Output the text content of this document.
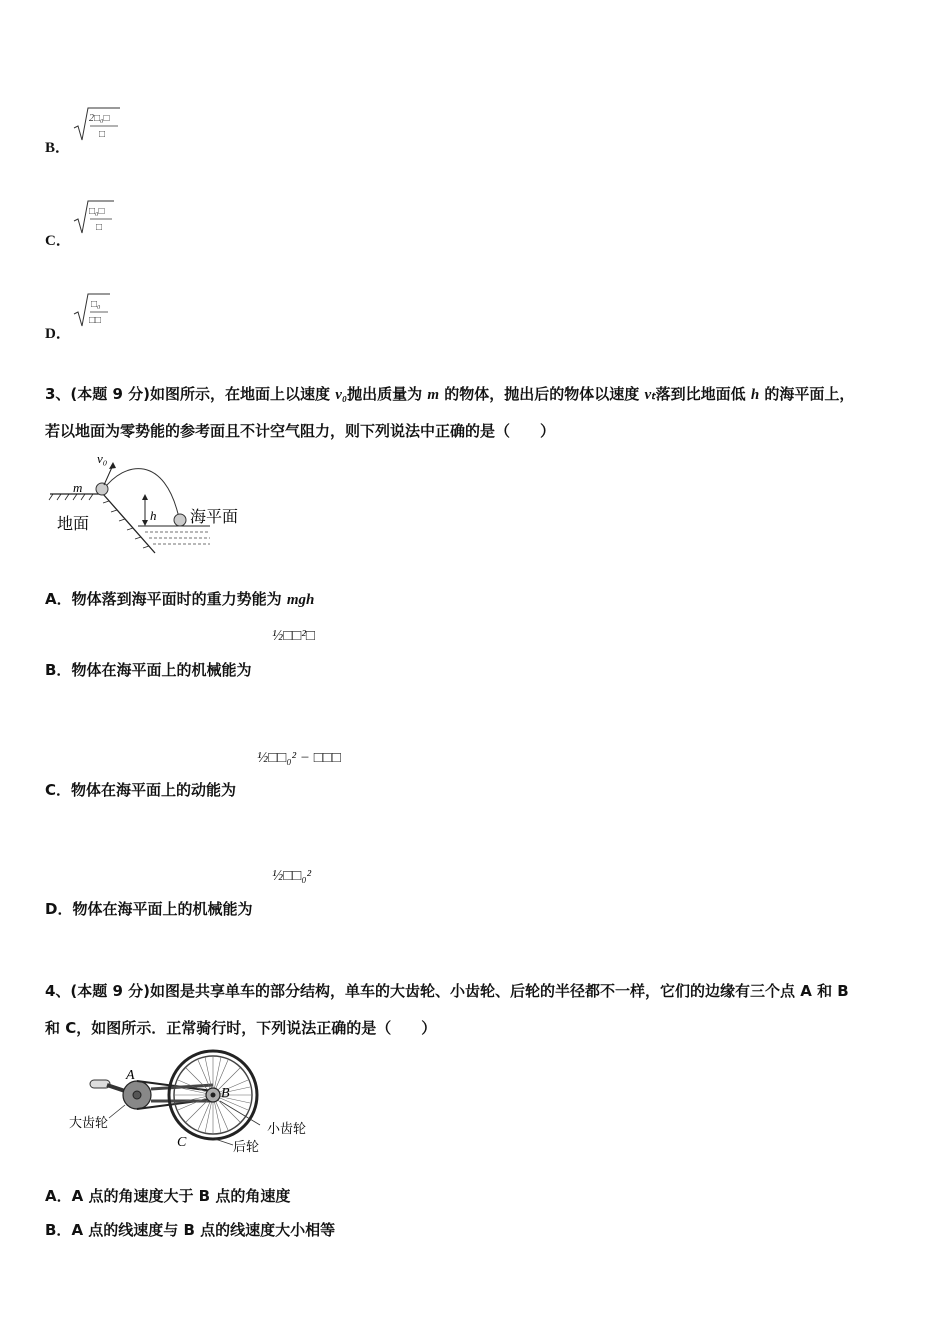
B．
2□₀□
□
C．
□₀□
□
D．
□₀
□□
3、(本题 9 分)如图所示，在地面上以速度 v₀抛出质量为 m 的物体，抛出后的物体以速度 vₜ落到比地面低 h 的海平面上，
若以地面为零势能的参考面且不计空气阻力，则下列说法中正确的是（　　）
v₀
m
h
地面	海平面
A．物体落到海平面时的重力势能为 mgh
½□□²□
B．物体在海平面上的机械能为
½□□₀² − □□□
C．物体在海平面上的动能为
½□□₀²
D．物体在海平面上的机械能为
4、(本题 9 分)如图是共享单车的部分结构，单车的大齿轮、小齿轮、后轮的半径都不一样，它们的边缘有三个点 A 和 B
和 C，如图所示．正常骑行时，下列说法正确的是（　　）
A
B
C
大齿轮	小齿轮
后轮
A．A 点的角速度大于 B 点的角速度
B．A 点的线速度与 B 点的线速度大小相等
